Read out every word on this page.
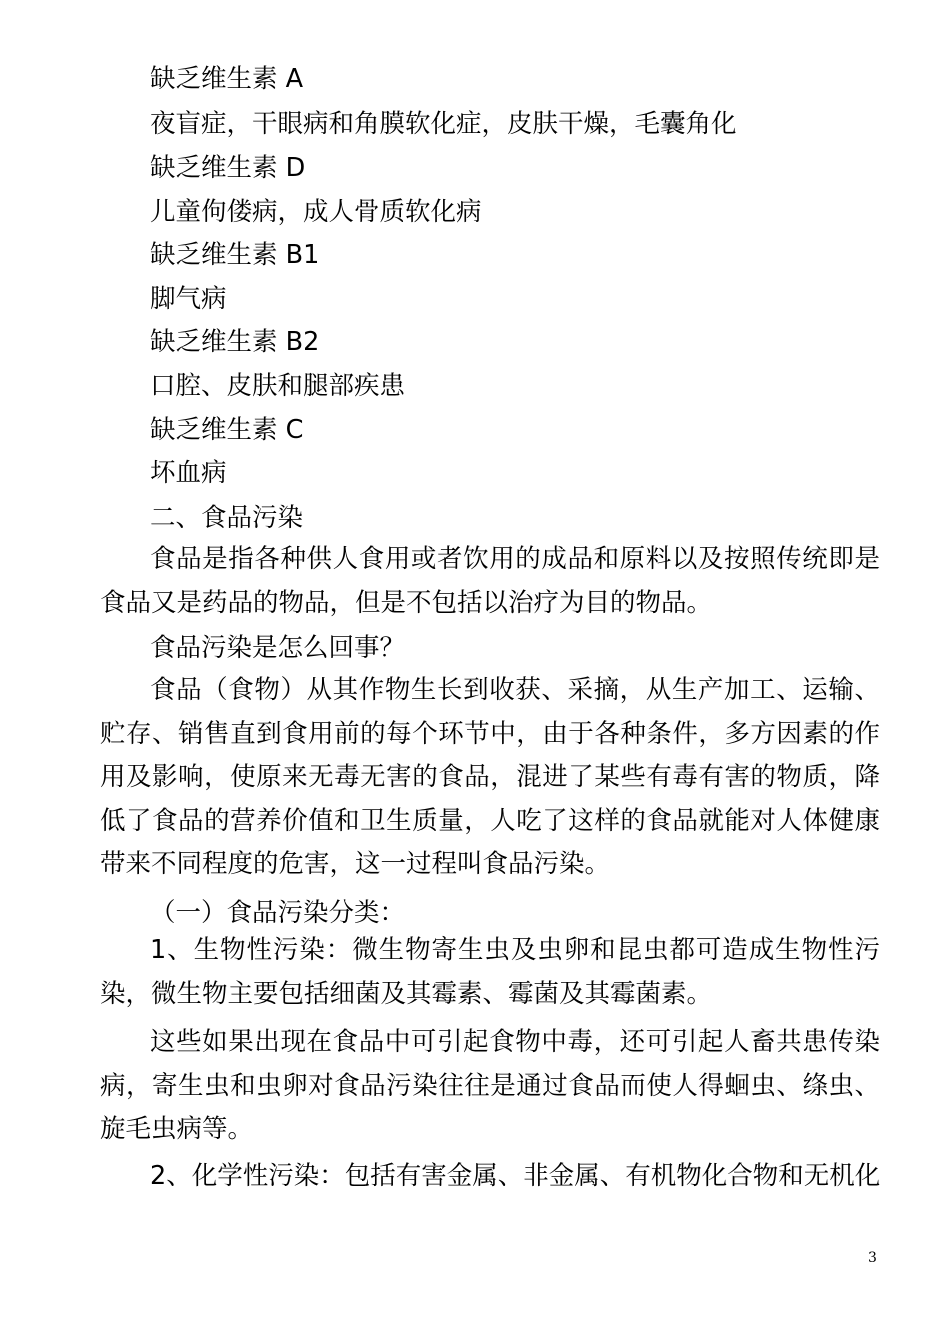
缺乏维生素 A
夜盲症，干眼病和角膜软化症，皮肤干燥，毛囊角化
缺乏维生素 D
儿童佝偻病，成人骨质软化病
缺乏维生素 B1
脚气病
缺乏维生素 B2
口腔、皮肤和腿部疾患
缺乏维生素 C
坏血病
二、食品污染

食品是指各种供人食用或者饮用的成品和原料以及按照传统即是食品又是药品的物品，但是不包括以治疗为目的物品。

食品污染是怎么回事？

食品（食物）从其作物生长到收获、采摘，从生产加工、运输、贮存、销售直到食用前的每个环节中，由于各种条件，多方因素的作用及影响，使原来无毒无害的食品，混进了某些有毒有害的物质，降低了食品的营养价值和卫生质量，人吃了这样的食品就能对人体健康带来不同程度的危害，这一过程叫食品污染。

（一）食品污染分类：

1、生物性污染：微生物寄生虫及虫卵和昆虫都可造成生物性污染，微生物主要包括细菌及其霉素、霉菌及其霉菌素。

这些如果出现在食品中可引起食物中毒，还可引起人畜共患传染病，寄生虫和虫卵对食品污染往往是通过食品而使人得蛔虫、绦虫、旋毛虫病等。

2、化学性污染：包括有害金属、非金属、有机物化合物和无机化
3
